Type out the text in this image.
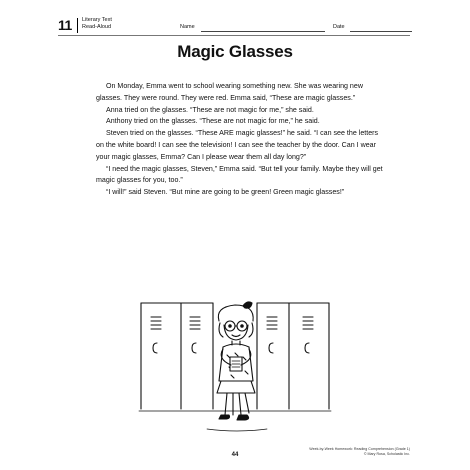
11 Literary Text
Read-Aloud	Name	Date
Magic Glasses

On Monday, Emma went to school wearing something new. She was wearing new glasses. They were round. They were red. Emma said, “These are magic glasses.”

Anna tried on the glasses. “These are not magic for me,” she said.

Anthony tried on the glasses. “These are not magic for me,” he said.

Steven tried on the glasses. “These ARE magic glasses!” he said. “I can see the letters on the white board! I can see the television! I can see the teacher by the door. Can I wear your magic glasses, Emma? Can I please wear them all day long?”

“I need the magic glasses, Steven,” Emma said. “But tell your family. Maybe they will get magic glasses for you, too.”

“I will!” said Steven. “But mine are going to be green! Green magic glasses!”

Week-by-Week Homework: Reading Comprehension (Grade 1)
© Mary Rosa, Scholastic Inc.
44
